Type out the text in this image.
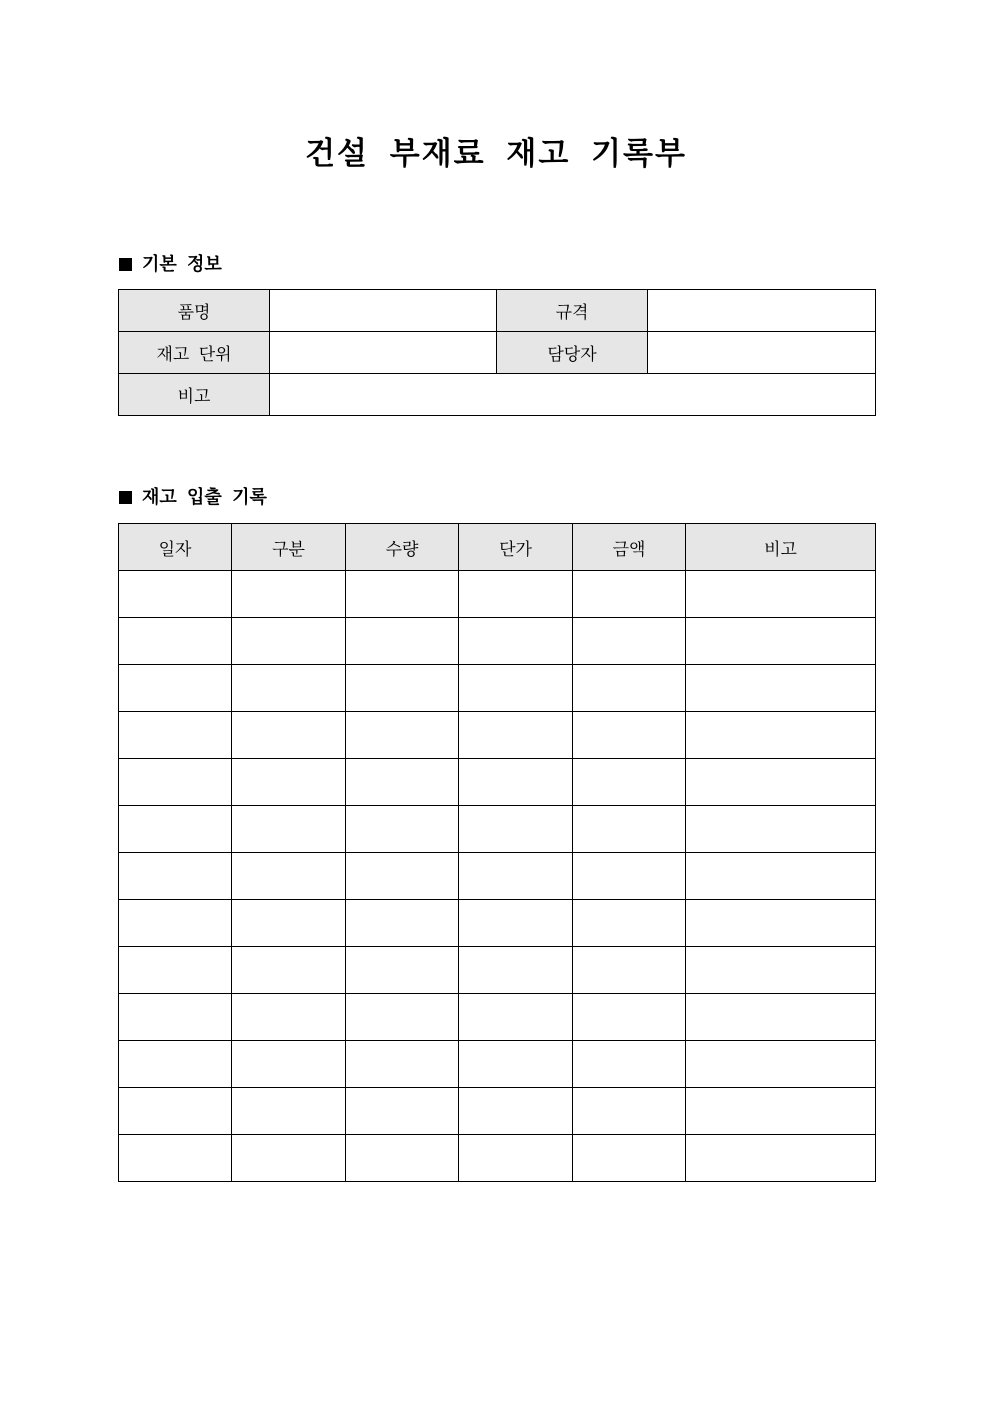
건설 부재료 재고 기록부
기본 정보
품명		규격	
재고 단위		담당자	
비고			
재고 입출 기록
일자	구분	수량	단가	금액	비고
